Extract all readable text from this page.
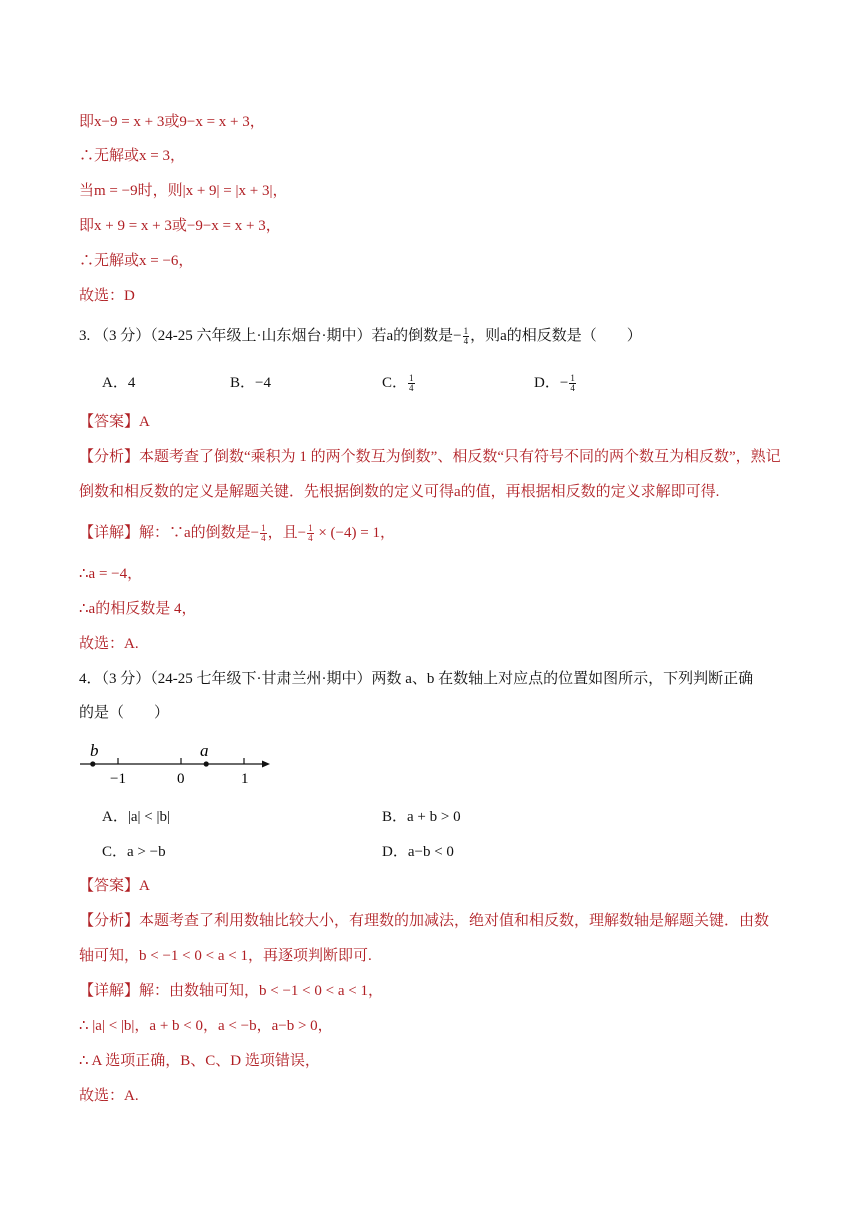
即x−9 = x + 3或9−x = x + 3，
∴无解或x = 3，
当m = −9时，则|x + 9| = |x + 3|，
即x + 9 = x + 3或−9−x = x + 3，
∴无解或x = −6，
故选：D
3. （3 分）（24-25 六年级上·山东烟台·期中）若a的倒数是− $\frac{1}{4}$ ，则a的相反数是（　　）
A．4	B．−4	C． $\frac{1}{4}$	D．− $\frac{1}{4}$
【答案】A
【分析】本题考查了倒数“乘积为 1 的两个数互为倒数”、相反数“只有符号不同的两个数互为相反数”，熟记
倒数和相反数的定义是解题关键．先根据倒数的定义可得a的值，再根据相反数的定义求解即可得.
【详解】解：∵a的倒数是− $\frac{1}{4}$ ，且− $\frac{1}{4} \times (-4) = 1$，
∴a = −4，
∴a的相反数是 4，
故选：A.
4．（3 分）（24-25 七年级下·甘肃兰州·期中）两数 a、b 在数轴上对应点的位置如图所示，下列判断正确
的是（　　）
b	a
−1	0	1
A．|a| < |b|	B．a + b > 0
C．a > −b	D．a−b < 0
【答案】A
【分析】本题考查了利用数轴比较大小，有理数的加减法，绝对值和相反数，理解数轴是解题关键．由数
轴可知，b < −1 < 0 < a < 1，再逐项判断即可.
【详解】解：由数轴可知，b < −1 < 0 < a < 1，
∴ |a| < |b|，a + b < 0，a < −b，a−b > 0，
∴ A 选项正确，B、C、D 选项错误，
故选：A.
